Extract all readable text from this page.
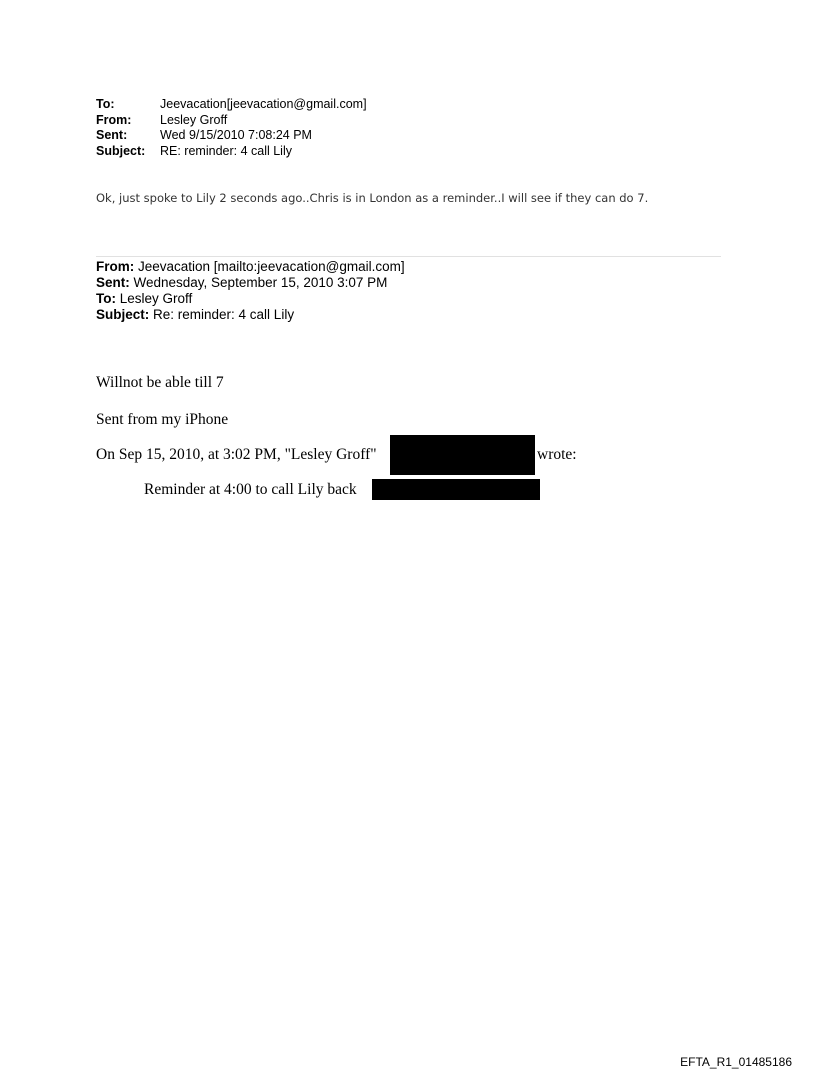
To:	Jeevacation[jeevacation@gmail.com]
From:	Lesley Groff
Sent:	Wed 9/15/2010 7:08:24 PM
Subject:	RE: reminder: 4 call Lily
Ok, just spoke to Lily 2 seconds ago..Chris is in London as a reminder..I will see if they can do 7.
From: Jeevacation [mailto:jeevacation@gmail.com]
Sent: Wednesday, September 15, 2010 3:07 PM
To: Lesley Groff
Subject: Re: reminder: 4 call Lily
Willnot be able till 7
Sent from my iPhone
On Sep 15, 2010, at 3:02 PM, "Lesley Groff"	wrote:
Reminder at 4:00 to call Lily back
EFTA_R1_01485186
